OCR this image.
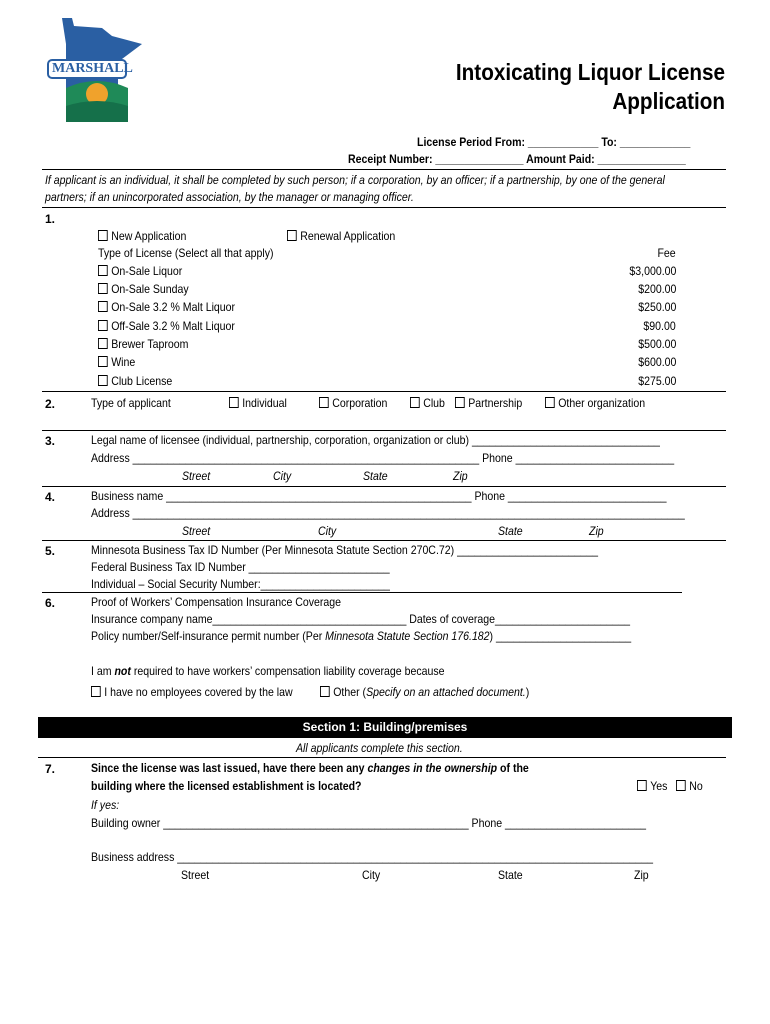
MARSHALL	Intoxicating Liquor License
Application
License Period From: ____________ To: ____________
Receipt Number: _______________ Amount Paid: _______________
If applicant is an individual, it shall be completed by such person; if a corporation, by an officer; if a partnership, by one of the general
partners; if an unincorporated association, by the manager or managing officer.
1.
New Application	Renewal Application
Type of License (Select all that apply)	Fee
On-Sale Liquor	$3,000.00
On-Sale Sunday	$200.00
On-Sale 3.2 % Malt Liquor	$250.00
Off-Sale 3.2 % Malt Liquor	$90.00
Brewer Taproom	$500.00
Wine	$600.00
Club License	$275.00
2.	Type of applicant	Individual	Corporation	Club	Partnership	Other organization
3.	Legal name of licensee (individual, partnership, corporation, organization or club) ________________________________
Address ___________________________________________________________ Phone ___________________________
Street	City	State	Zip
4.	Business name ____________________________________________________ Phone ___________________________
Address ______________________________________________________________________________________________
Street	City	State	Zip
5.	Minnesota Business Tax ID Number (Per Minnesota Statute Section 270C.72) ________________________
Federal Business Tax ID Number ________________________
Individual – Social Security Number:______________________
6.	Proof of Workers’ Compensation Insurance Coverage
Insurance company name_________________________________ Dates of coverage_______________________
Policy number/Self-insurance permit number (Per Minnesota Statute Section 176.182) _______________________
I am not required to have workers’ compensation liability coverage because
I have no employees covered by the law	Other (Specify on an attached document.)
Section 1: Building/premises
All applicants complete this section.
7.	Since the license was last issued, have there been any changes in the ownership of the
building where the licensed establishment is located?	Yes	No
If yes:
Building owner ____________________________________________________ Phone ________________________
Business address _________________________________________________________________________________
Street	City	State	Zip
